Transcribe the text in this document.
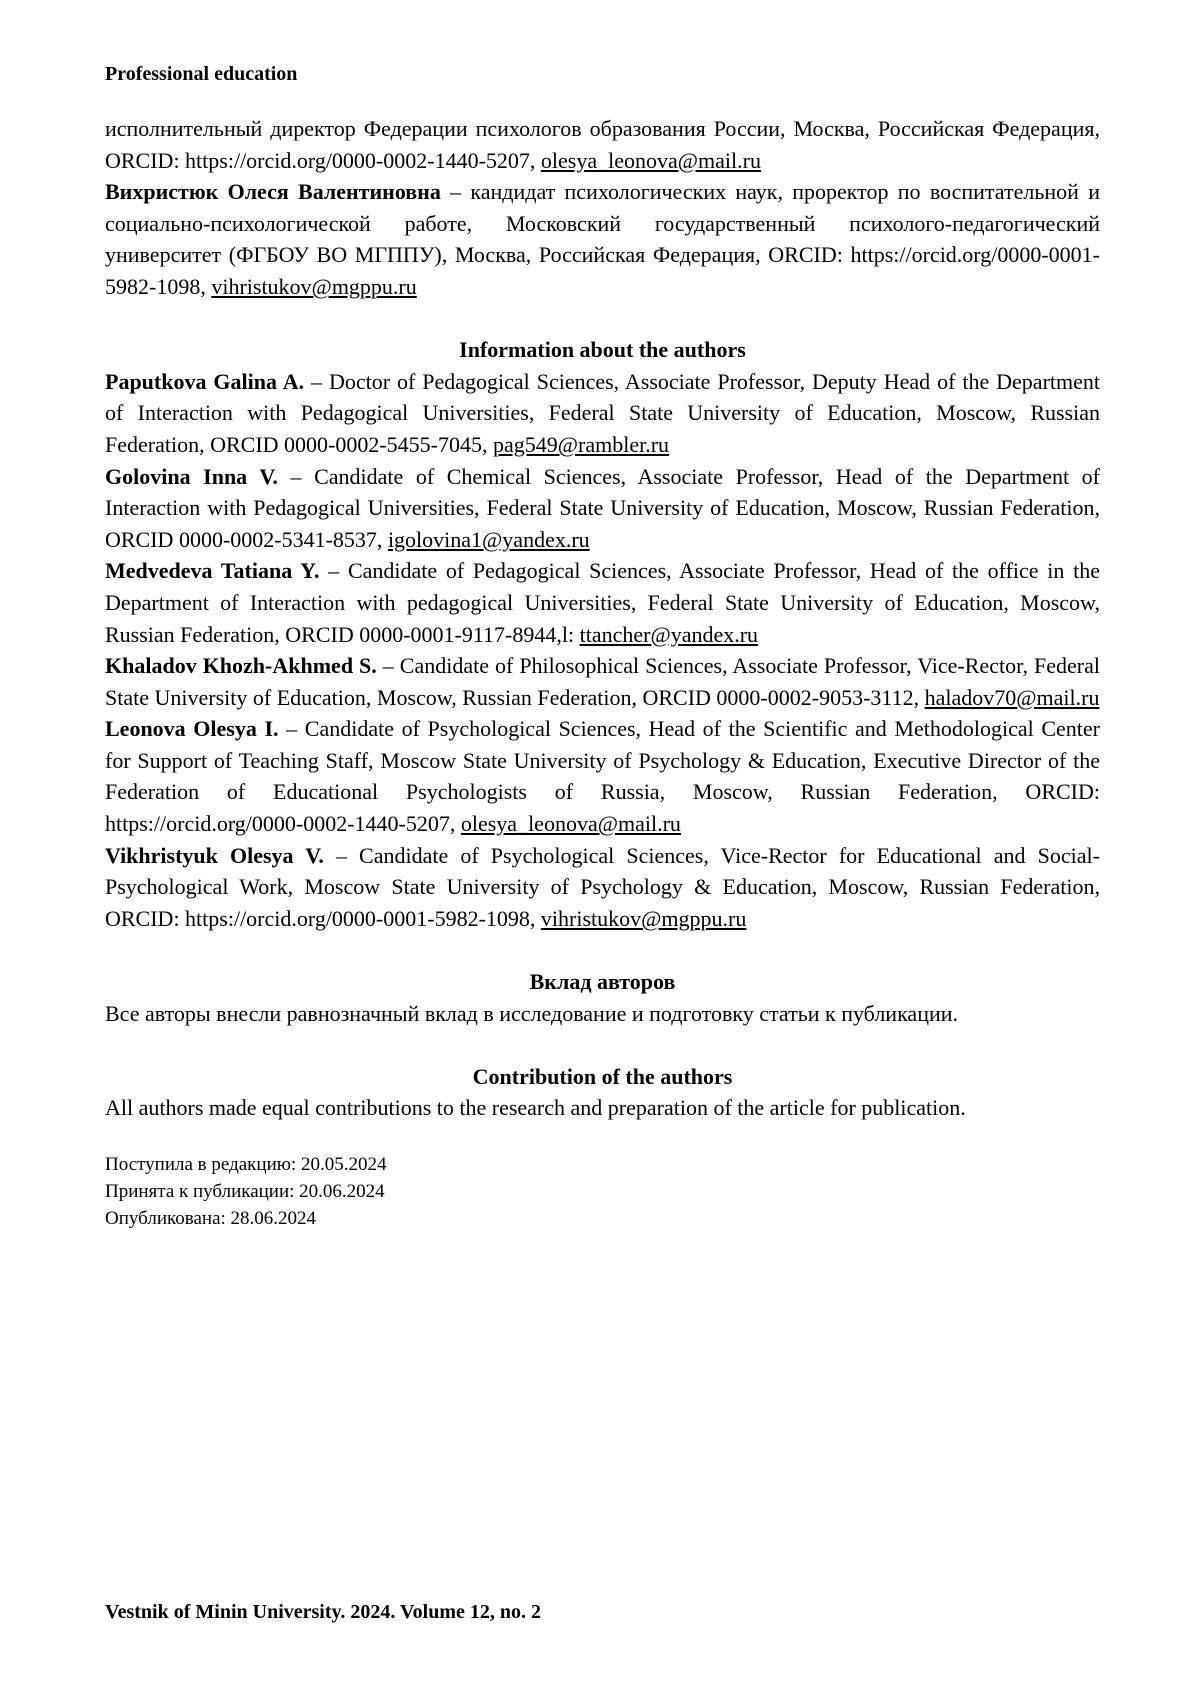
Professional education

исполнительный директор Федерации психологов образования России, Москва, Российская Федерация, ORCID: https://orcid.org/0000-0002-1440-5207, olesya_leonova@mail.ru

Вихристюк Олеся Валентиновна – кандидат психологических наук, проректор по воспитательной и социально-психологической работе, Московский государственный психолого-педагогический университет (ФГБОУ ВО МГППУ), Москва, Российская Федерация, ORCID: https://orcid.org/0000-0001-5982-1098, vihristukov@mgppu.ru

Information about the authors

Paputkova Galina A. – Doctor of Pedagogical Sciences, Associate Professor, Deputy Head of the Department of Interaction with Pedagogical Universities, Federal State University of Education, Moscow, Russian Federation, ORCID 0000-0002-5455-7045, pag549@rambler.ru

Golovina Inna V. – Candidate of Chemical Sciences, Associate Professor, Head of the Department of Interaction with Pedagogical Universities, Federal State University of Education, Moscow, Russian Federation, ORCID 0000-0002-5341-8537, igolovina1@yandex.ru

Medvedeva Tatiana Y. – Candidate of Pedagogical Sciences, Associate Professor, Head of the office in the Department of Interaction with pedagogical Universities, Federal State University of Education, Moscow, Russian Federation, ORCID 0000-0001-9117-8944,l: ttancher@yandex.ru

Khaladov Khozh-Akhmed S. – Candidate of Philosophical Sciences, Associate Professor, Vice-Rector, Federal State University of Education, Moscow, Russian Federation, ORCID 0000-0002-9053-3112, haladov70@mail.ru

Leonova Olesya I. – Candidate of Psychological Sciences, Head of the Scientific and Methodological Center for Support of Teaching Staff, Moscow State University of Psychology & Education, Executive Director of the Federation of Educational Psychologists of Russia, Moscow, Russian Federation, ORCID: https://orcid.org/0000-0002-1440-5207, olesya_leonova@mail.ru

Vikhristyuk Olesya V. – Candidate of Psychological Sciences, Vice-Rector for Educational and Social-Psychological Work, Moscow State University of Psychology & Education, Moscow, Russian Federation, ORCID: https://orcid.org/0000-0001-5982-1098, vihristukov@mgppu.ru

Вклад авторов

Все авторы внесли равнозначный вклад в исследование и подготовку статьи к публикации.

Contribution of the authors

All authors made equal contributions to the research and preparation of the article for publication.

Поступила в редакцию: 20.05.2024
Принята к публикации: 20.06.2024
Опубликована: 28.06.2024
Vestnik of Minin University. 2024. Volume 12, no. 2
